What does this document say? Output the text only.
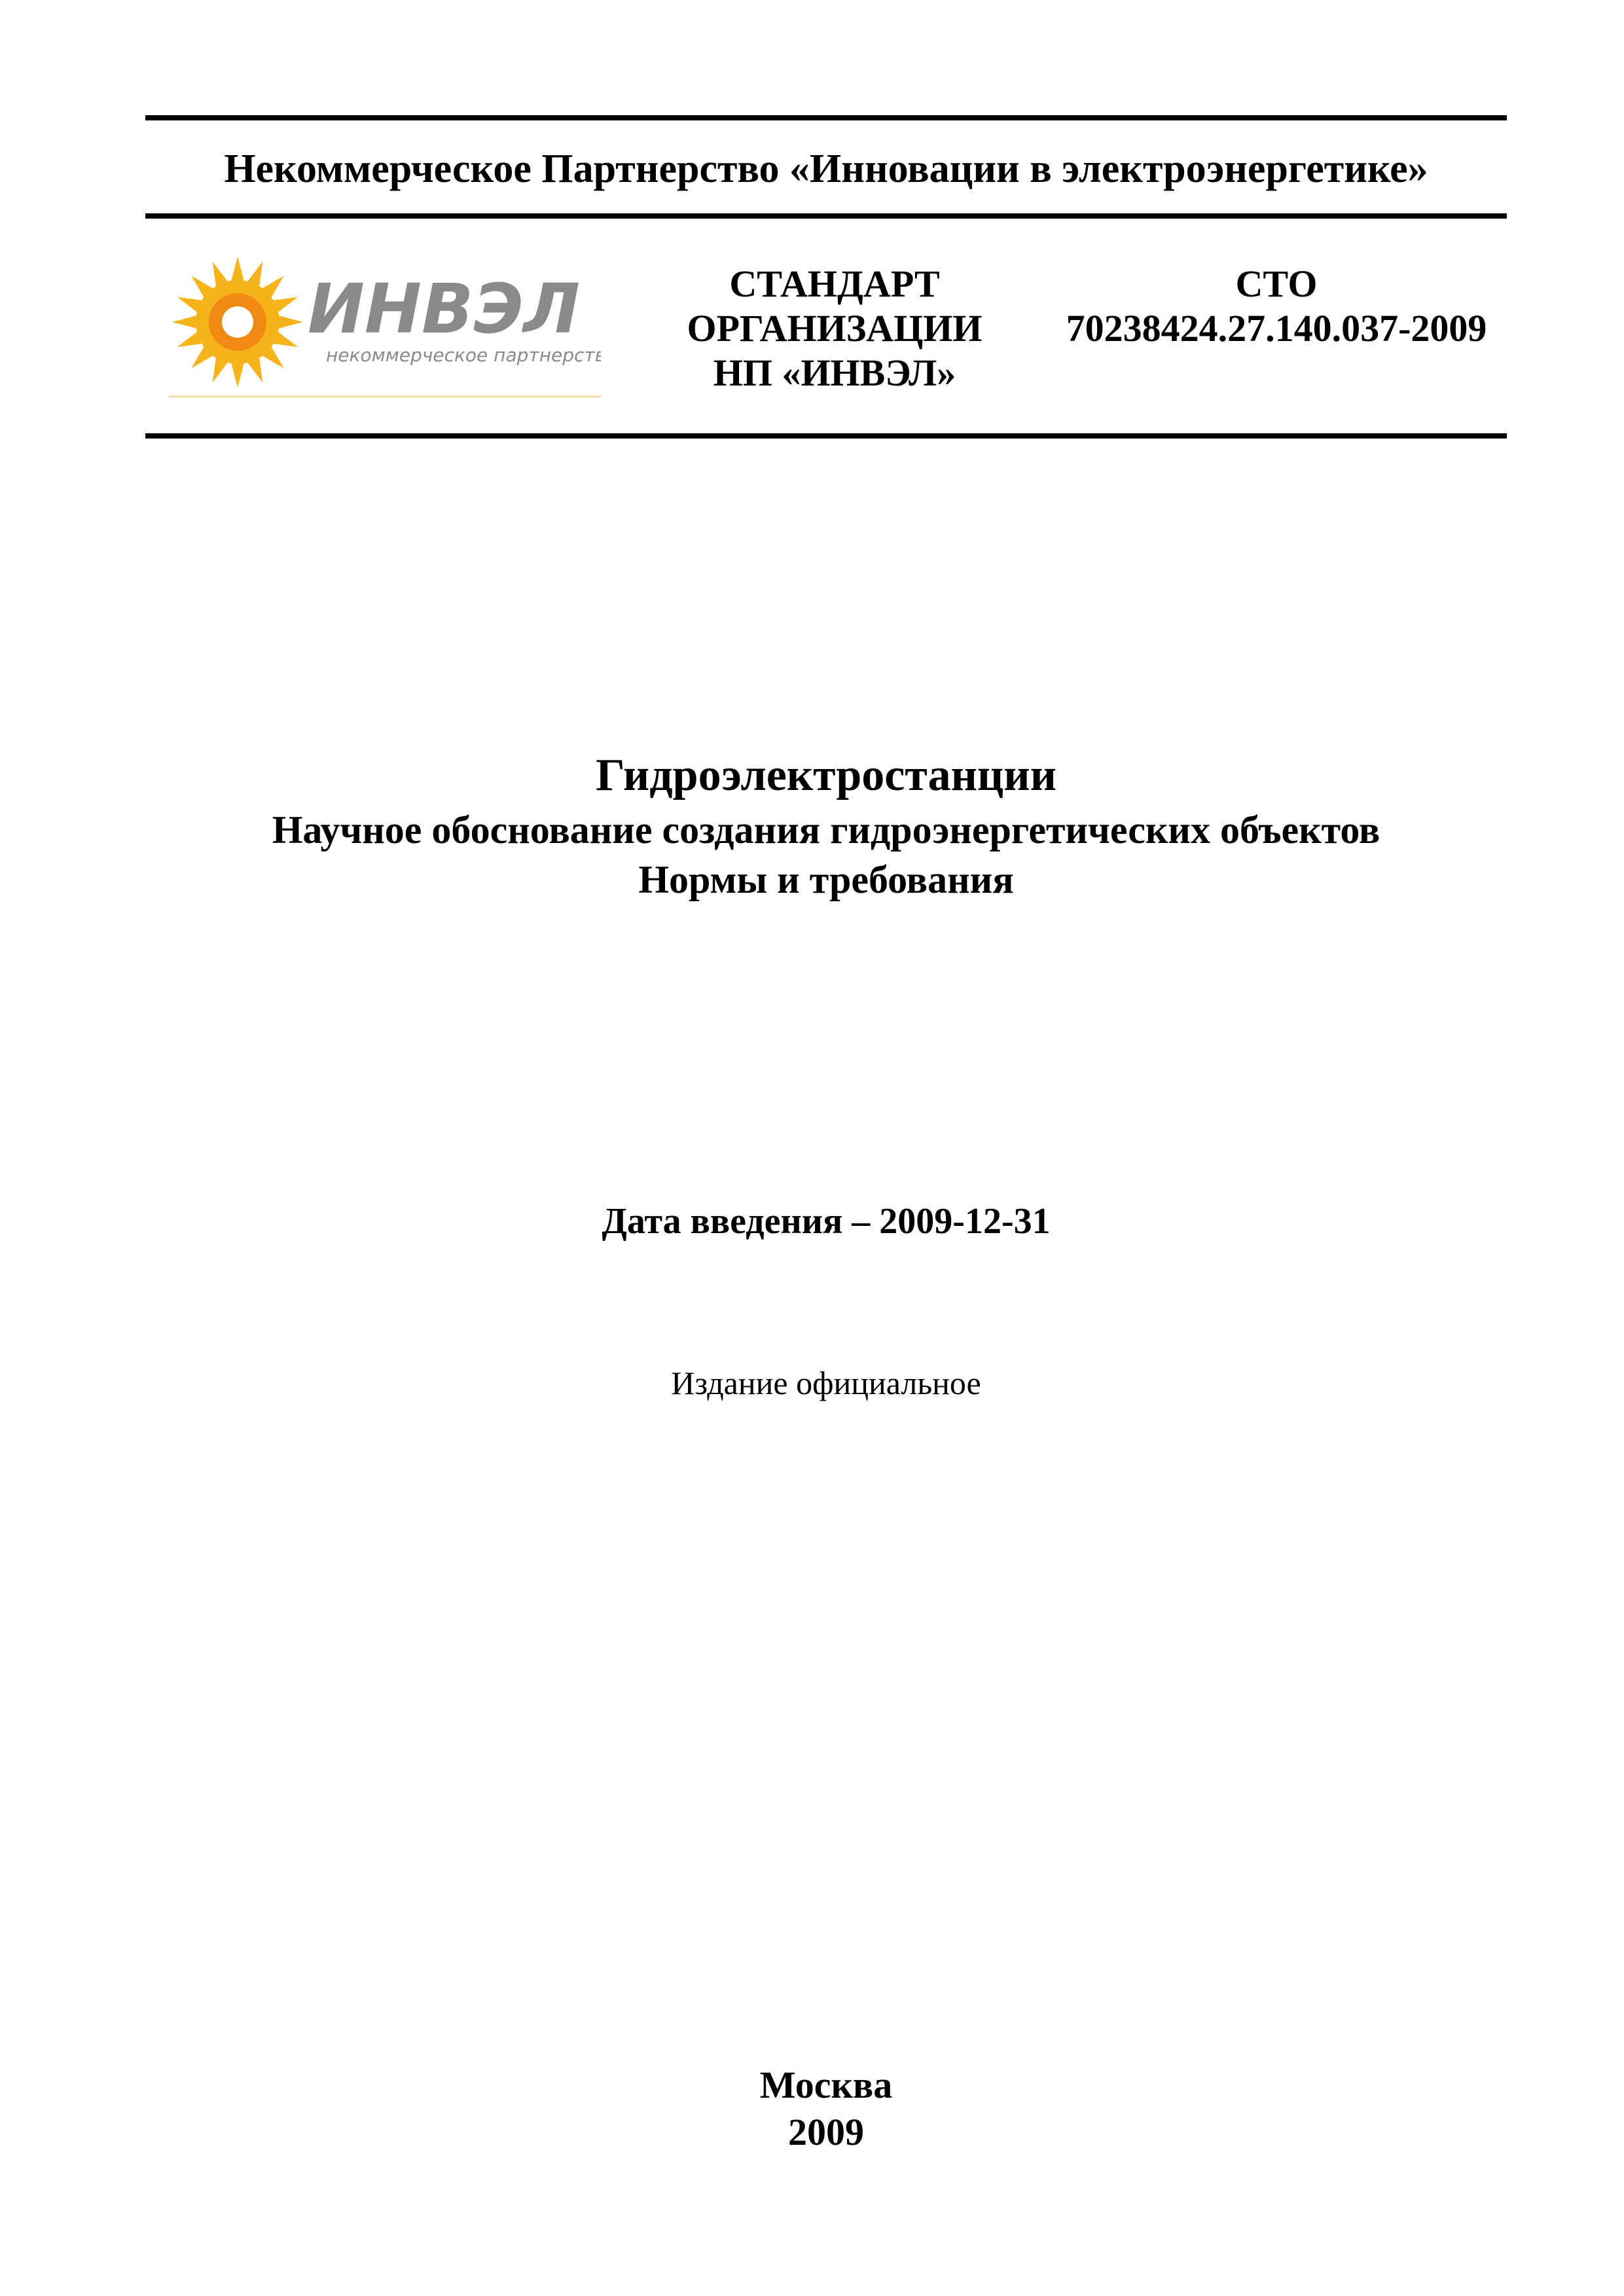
Некоммерческое Партнерство «Инновации в электроэнергетике»
ИНВЭЛ
некоммерческое партнерство
СТАНДАРТ
ОРГАНИЗАЦИИ
НП «ИНВЭЛ»
СТО
70238424.27.140.037-2009
Гидроэлектростанции
Научное обоснование создания гидроэнергетических объектов
Нормы и требования
Дата введения – 2009-12-31
Издание официальное
Москва
2009
